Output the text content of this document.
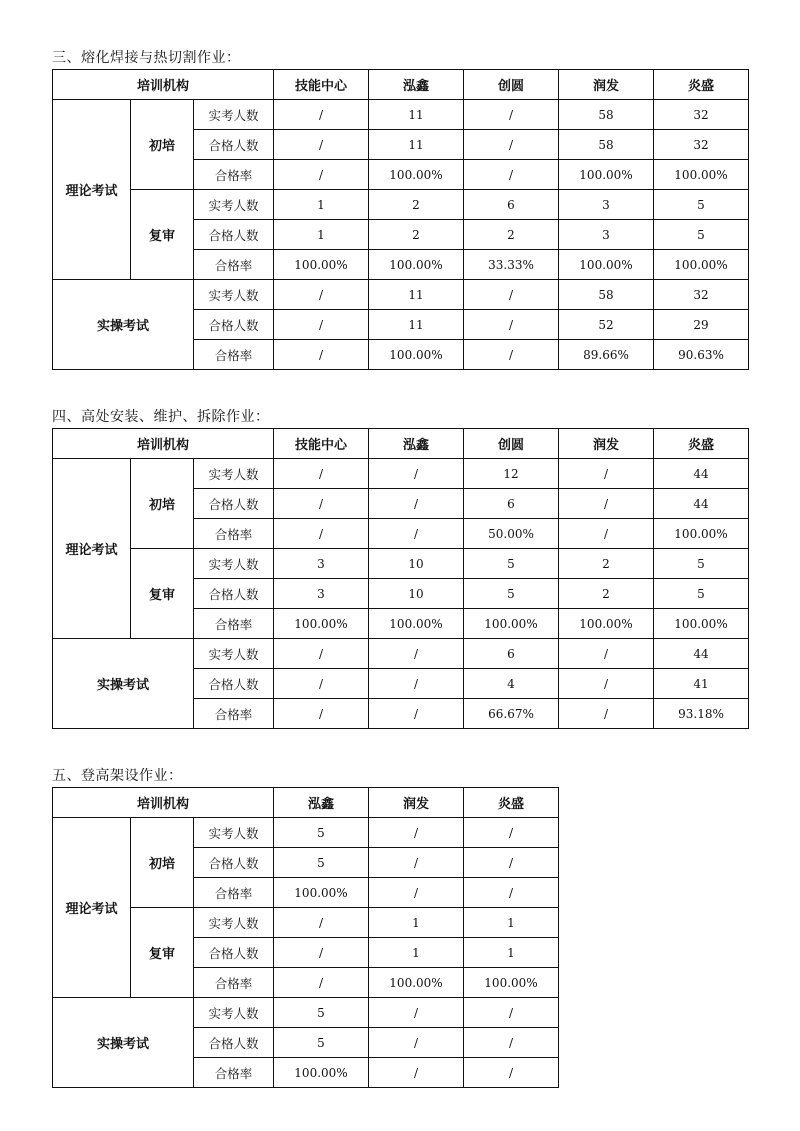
三、熔化焊接与热切割作业：
培训机构			技能中心	泓鑫	创圆	润发	炎盛
理论考试	初培	实考人数	/	11	/	58	32
		合格人数	/	11	/	58	32
		合格率	/	100.00%	/	100.00%	100.00%
	复审	实考人数	1	2	6	3	5
		合格人数	1	2	2	3	5
		合格率	100.00%	100.00%	33.33%	100.00%	100.00%
实操考试		实考人数	/	11	/	58	32
		合格人数	/	11	/	52	29
		合格率	/	100.00%	/	89.66%	90.63%
四、高处安装、维护、拆除作业：
培训机构			技能中心	泓鑫	创圆	润发	炎盛
理论考试	初培	实考人数	/	/	12	/	44
		合格人数	/	/	6	/	44
		合格率	/	/	50.00%	/	100.00%
	复审	实考人数	3	10	5	2	5
		合格人数	3	10	5	2	5
		合格率	100.00%	100.00%	100.00%	100.00%	100.00%
实操考试		实考人数	/	/	6	/	44
		合格人数	/	/	4	/	41
		合格率	/	/	66.67%	/	93.18%
五、登高架设作业：
培训机构			泓鑫	润发	炎盛
理论考试	初培	实考人数	5	/	/
		合格人数	5	/	/
		合格率	100.00%	/	/
	复审	实考人数	/	1	1
		合格人数	/	1	1
		合格率	/	100.00%	100.00%
实操考试		实考人数	5	/	/
		合格人数	5	/	/
		合格率	100.00%	/	/
